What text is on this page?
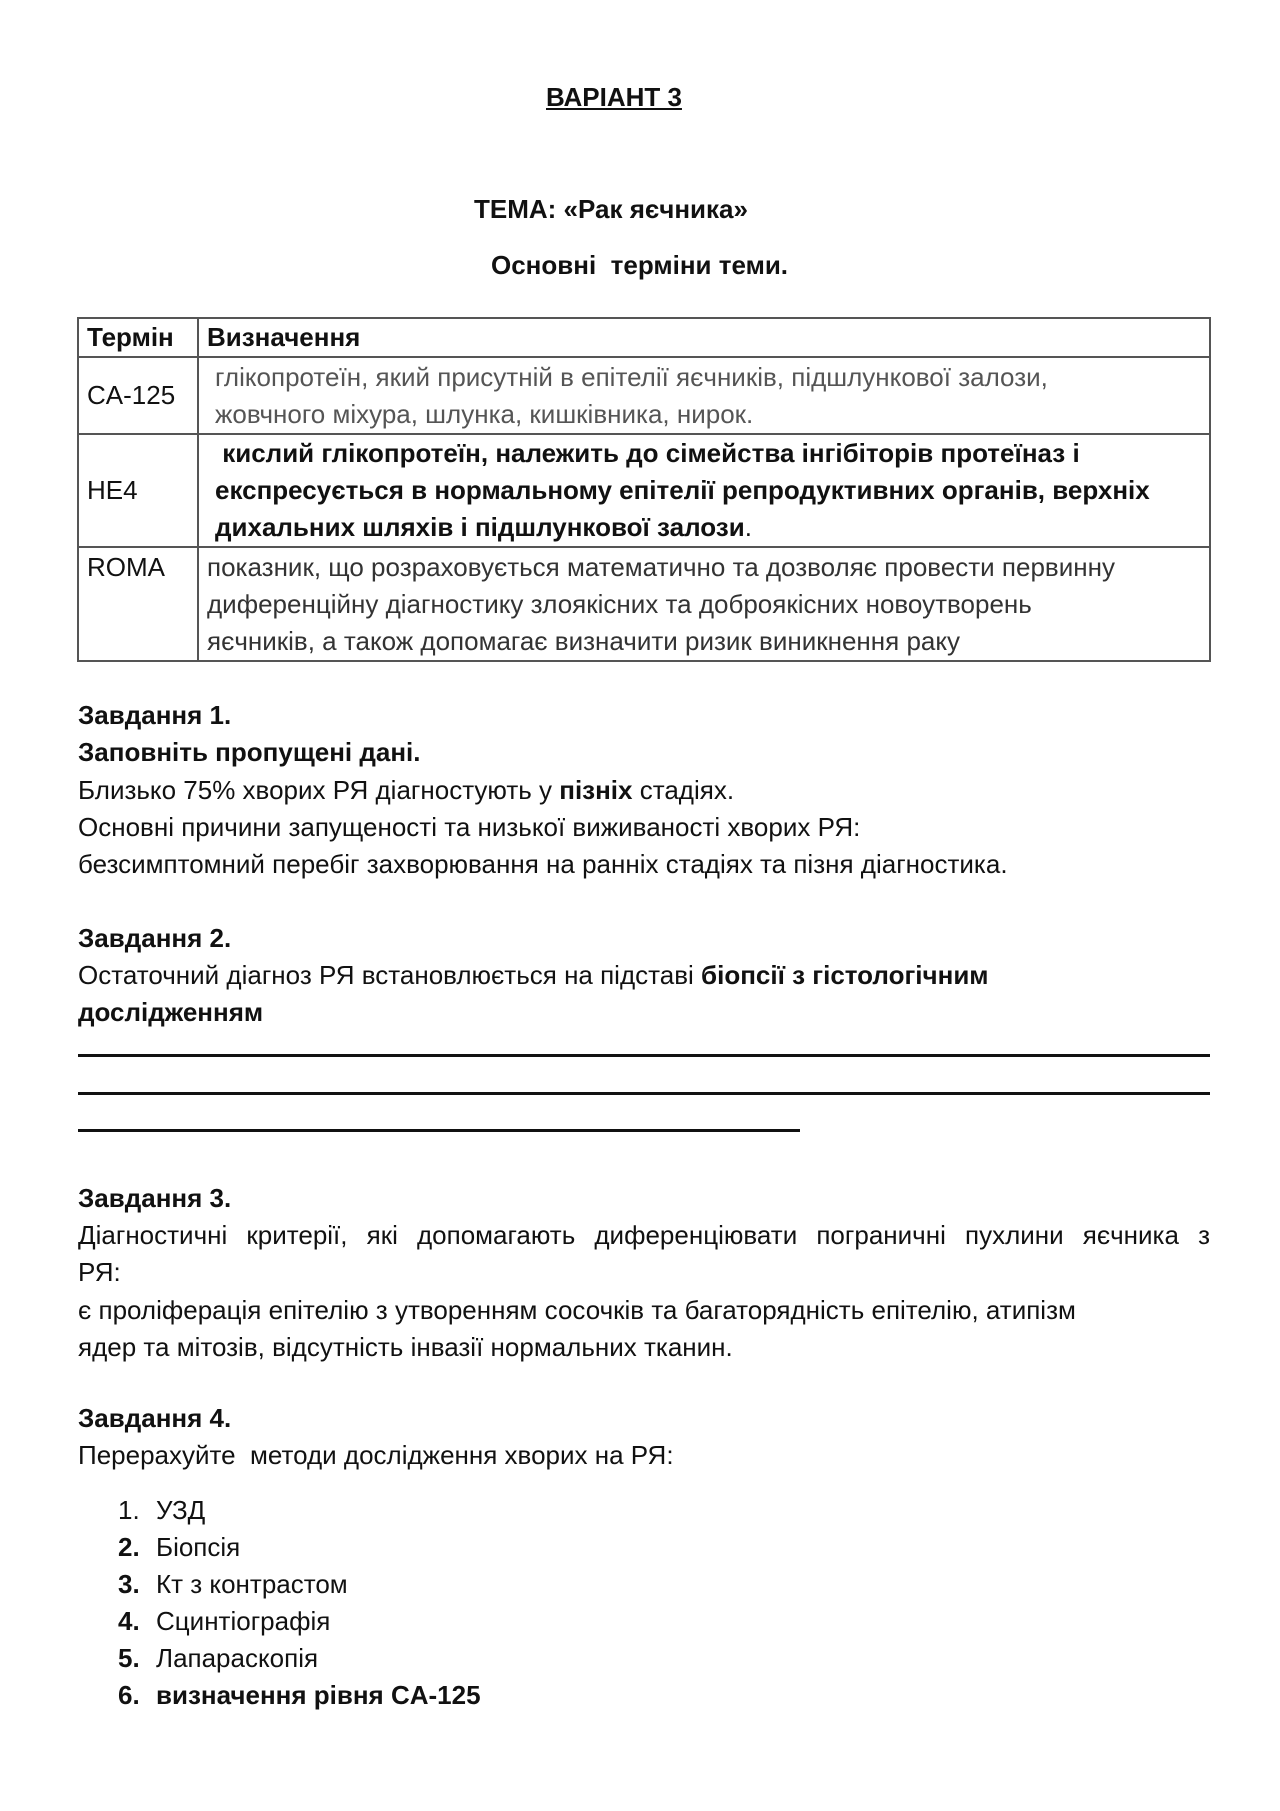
ВАРІАНТ 3
ТЕМА: «Рак яєчника»
Основні  терміни теми.
Термін	Визначення
CA-125	глікопротеїн, який присутній в епітелії яєчників, підшлункової залози,
жовчного міхура, шлунка, кишківника, нирок.

HE4	кислий глікопротеїн, належить до сімейства інгібіторів протеїназ і
експресується в нормальному епітелії репродуктивних органів, верхніх
дихальних шляхів і підшлункової залози.

ROMA	показник, що розраховується математично та дозволяє провести первинну
диференційну діагностику злоякісних та доброякісних новоутворень
яєчників, а також допомагає визначити ризик виникнення раку
Завдання 1.
Заповніть пропущені дані.
Близько 75% хворих РЯ діагностують у пізніх стадіях.
Основні причини запущеності та низької виживаності хворих РЯ:
безсимптомний перебіг захворювання на ранніх стадіях та пізня діагностика.
Завдання 2.
Остаточний діагноз РЯ встановлюється на підставі біопсії з гістологічним
дослідженням
Завдання 3.
Діагностичні критерії, які допомагають диференціювати пограничні пухлини яєчника з
РЯ:
є проліферація епітелію з утворенням сосочків та багаторядність епітелію, атипізм
ядер та мітозів, відсутність інвазії нормальних тканин.
Завдання 4.
Перерахуйте  методи дослідження хворих на РЯ:
1. УЗД
2. Біопсія
3. Кт з контрастом
4. Сцинтіографія
5. Лапараскопія
6. визначення рівня CA-125
